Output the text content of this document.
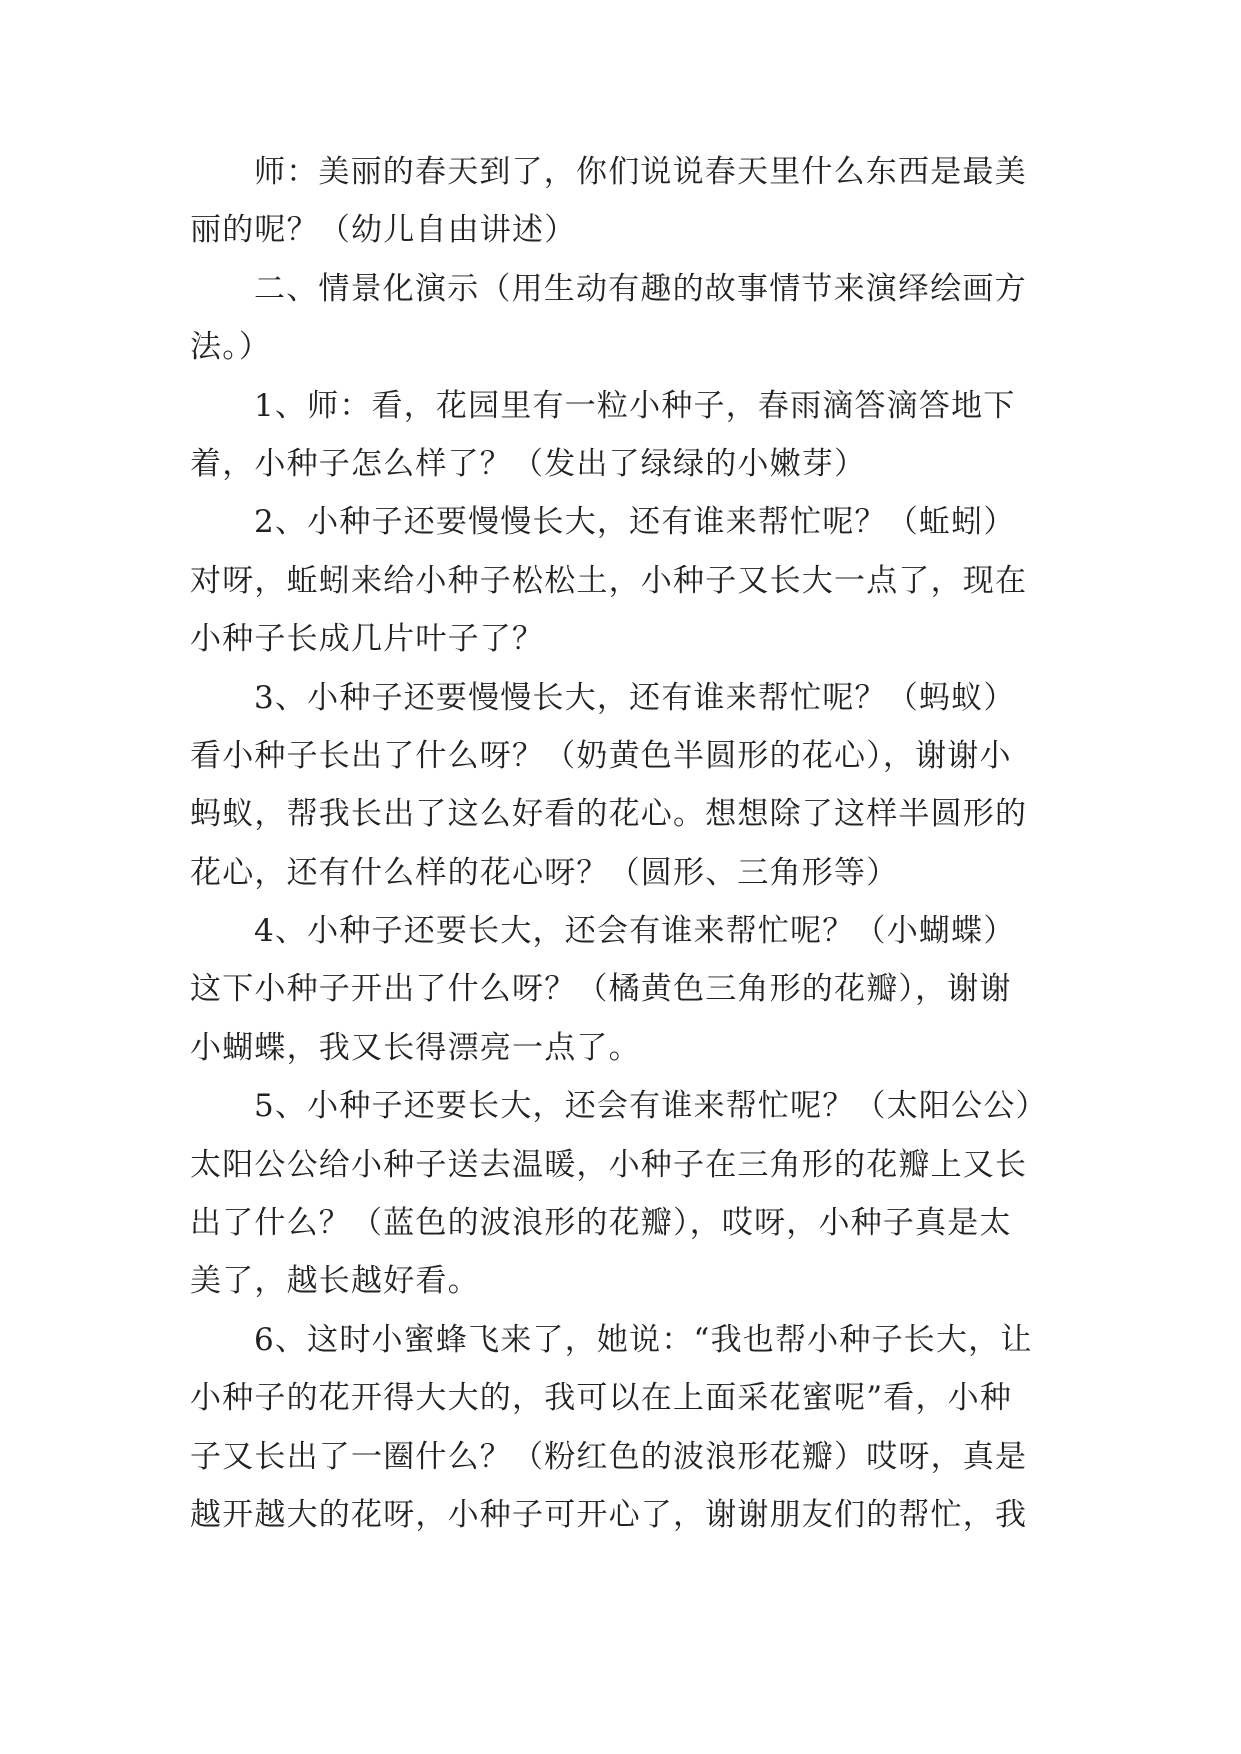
师：美丽的春天到了，你们说说春天里什么东西是最美
丽的呢？（幼儿自由讲述）
二、情景化演示（用生动有趣的故事情节来演绎绘画方
法。）
1、师：看，花园里有一粒小种子，春雨滴答滴答地下
着，小种子怎么样了？（发出了绿绿的小嫩芽）
2、小种子还要慢慢长大，还有谁来帮忙呢？（蚯蚓）
对呀，蚯蚓来给小种子松松土，小种子又长大一点了，现在
小种子长成几片叶子了？
3、小种子还要慢慢长大，还有谁来帮忙呢？（蚂蚁）
看小种子长出了什么呀？（奶黄色半圆形的花心），谢谢小
蚂蚁，帮我长出了这么好看的花心。想想除了这样半圆形的
花心，还有什么样的花心呀？（圆形、三角形等）
4、小种子还要长大，还会有谁来帮忙呢？（小蝴蝶）
这下小种子开出了什么呀？（橘黄色三角形的花瓣），谢谢
小蝴蝶，我又长得漂亮一点了。
5、小种子还要长大，还会有谁来帮忙呢？（太阳公公）
太阳公公给小种子送去温暖，小种子在三角形的花瓣上又长
出了什么？（蓝色的波浪形的花瓣），哎呀，小种子真是太
美了，越长越好看。
6、这时小蜜蜂飞来了，她说：“我也帮小种子长大，让
小种子的花开得大大的，我可以在上面采花蜜呢”看，小种
子又长出了一圈什么？（粉红色的波浪形花瓣）哎呀，真是
越开越大的花呀，小种子可开心了，谢谢朋友们的帮忙，我
